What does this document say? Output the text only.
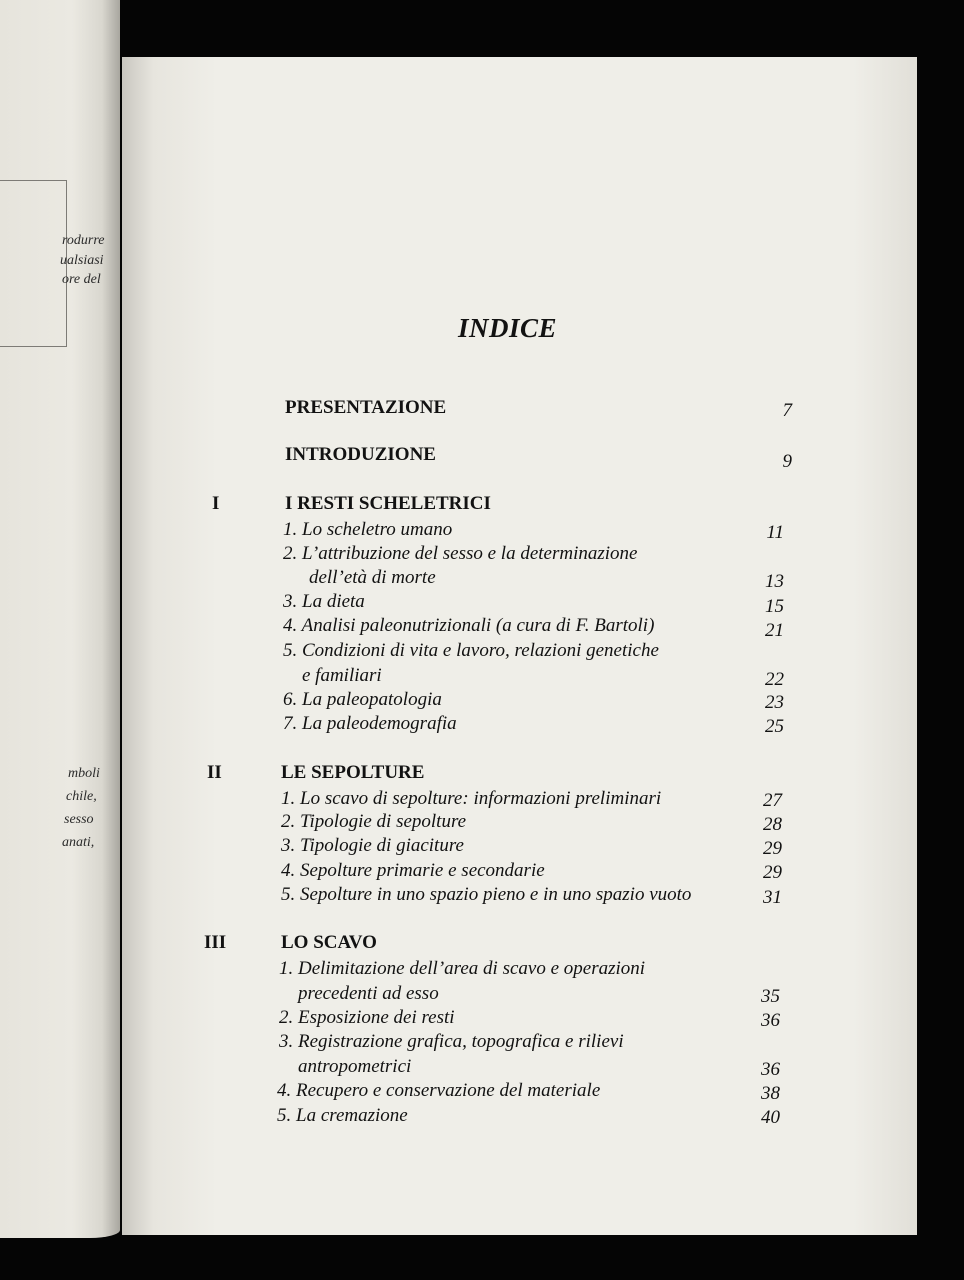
rodurre
ualsiasi
ore del
mboli
chile,
sesso
anati,
INDICE
PRESENTAZIONE	7
INTRODUZIONE	9
I	I RESTI SCHELETRICI
1. Lo scheletro umano	11
2. L’attribuzione del sesso e la determinazione
dell’età di morte	13
3. La dieta	15
4. Analisi paleonutrizionali (a cura di F. Bartoli)	21
5. Condizioni di vita e lavoro, relazioni genetiche
e familiari	22
6. La paleopatologia	23
7. La paleodemografia	25
II	LE SEPOLTURE
1. Lo scavo di sepolture: informazioni preliminari	27
2. Tipologie di sepolture	28
3. Tipologie di giaciture	29
4. Sepolture primarie e secondarie	29
5. Sepolture in uno spazio pieno e in uno spazio vuoto	31
III	LO SCAVO
1. Delimitazione dell’area di scavo e operazioni
precedenti ad esso	35
2. Esposizione dei resti	36
3. Registrazione grafica, topografica e rilievi
antropometrici	36
4. Recupero e conservazione del materiale	38
5. La cremazione	40
